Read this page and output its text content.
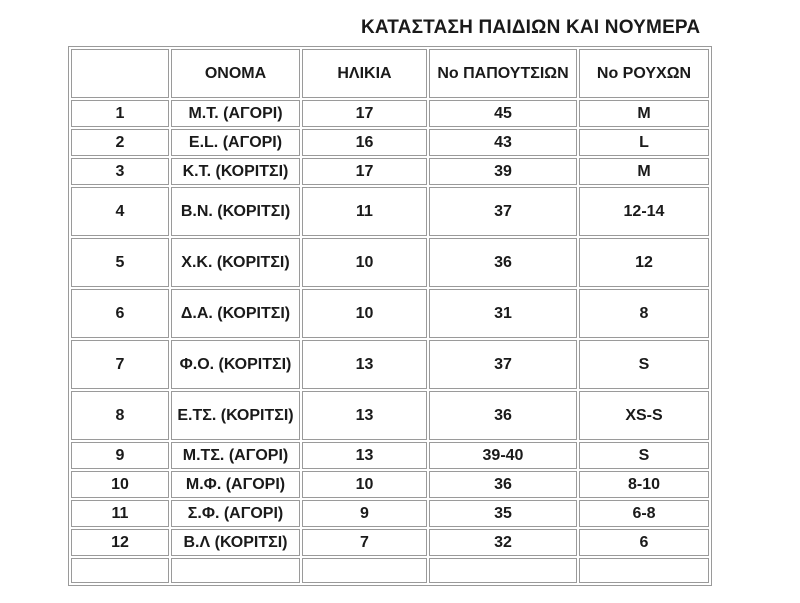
ΚΑΤΑΣΤΑΣΗ ΠΑΙΔΙΩΝ ΚΑΙ ΝΟΥΜΕΡΑ
	ΟΝΟΜΑ	ΗΛΙΚΙΑ	No ΠΑΠΟΥΤΣΙΩΝ	No ΡΟΥΧΩΝ
1	Μ.Τ. (ΑΓΟΡΙ)	17	45	M
2	Ε.L. (ΑΓΟΡΙ)	16	43	L
3	Κ.Τ. (ΚΟΡΙΤΣΙ)	17	39	M
4	Β.Ν. (ΚΟΡΙΤΣΙ)	11	37	12-14
5	Χ.Κ. (ΚΟΡΙΤΣΙ)	10	36	12
6	Δ.Α. (ΚΟΡΙΤΣΙ)	10	31	8
7	Φ.Ο. (ΚΟΡΙΤΣΙ)	13	37	S
8	Ε.ΤΣ. (ΚΟΡΙΤΣΙ)	13	36	XS-S
9	Μ.ΤΣ. (ΑΓΟΡΙ)	13	39-40	S
10	Μ.Φ. (ΑΓΟΡΙ)	10	36	8-10
11	Σ.Φ. (ΑΓΟΡΙ)	9	35	6-8
12	Β.Λ (ΚΟΡΙΤΣΙ)	7	32	6
